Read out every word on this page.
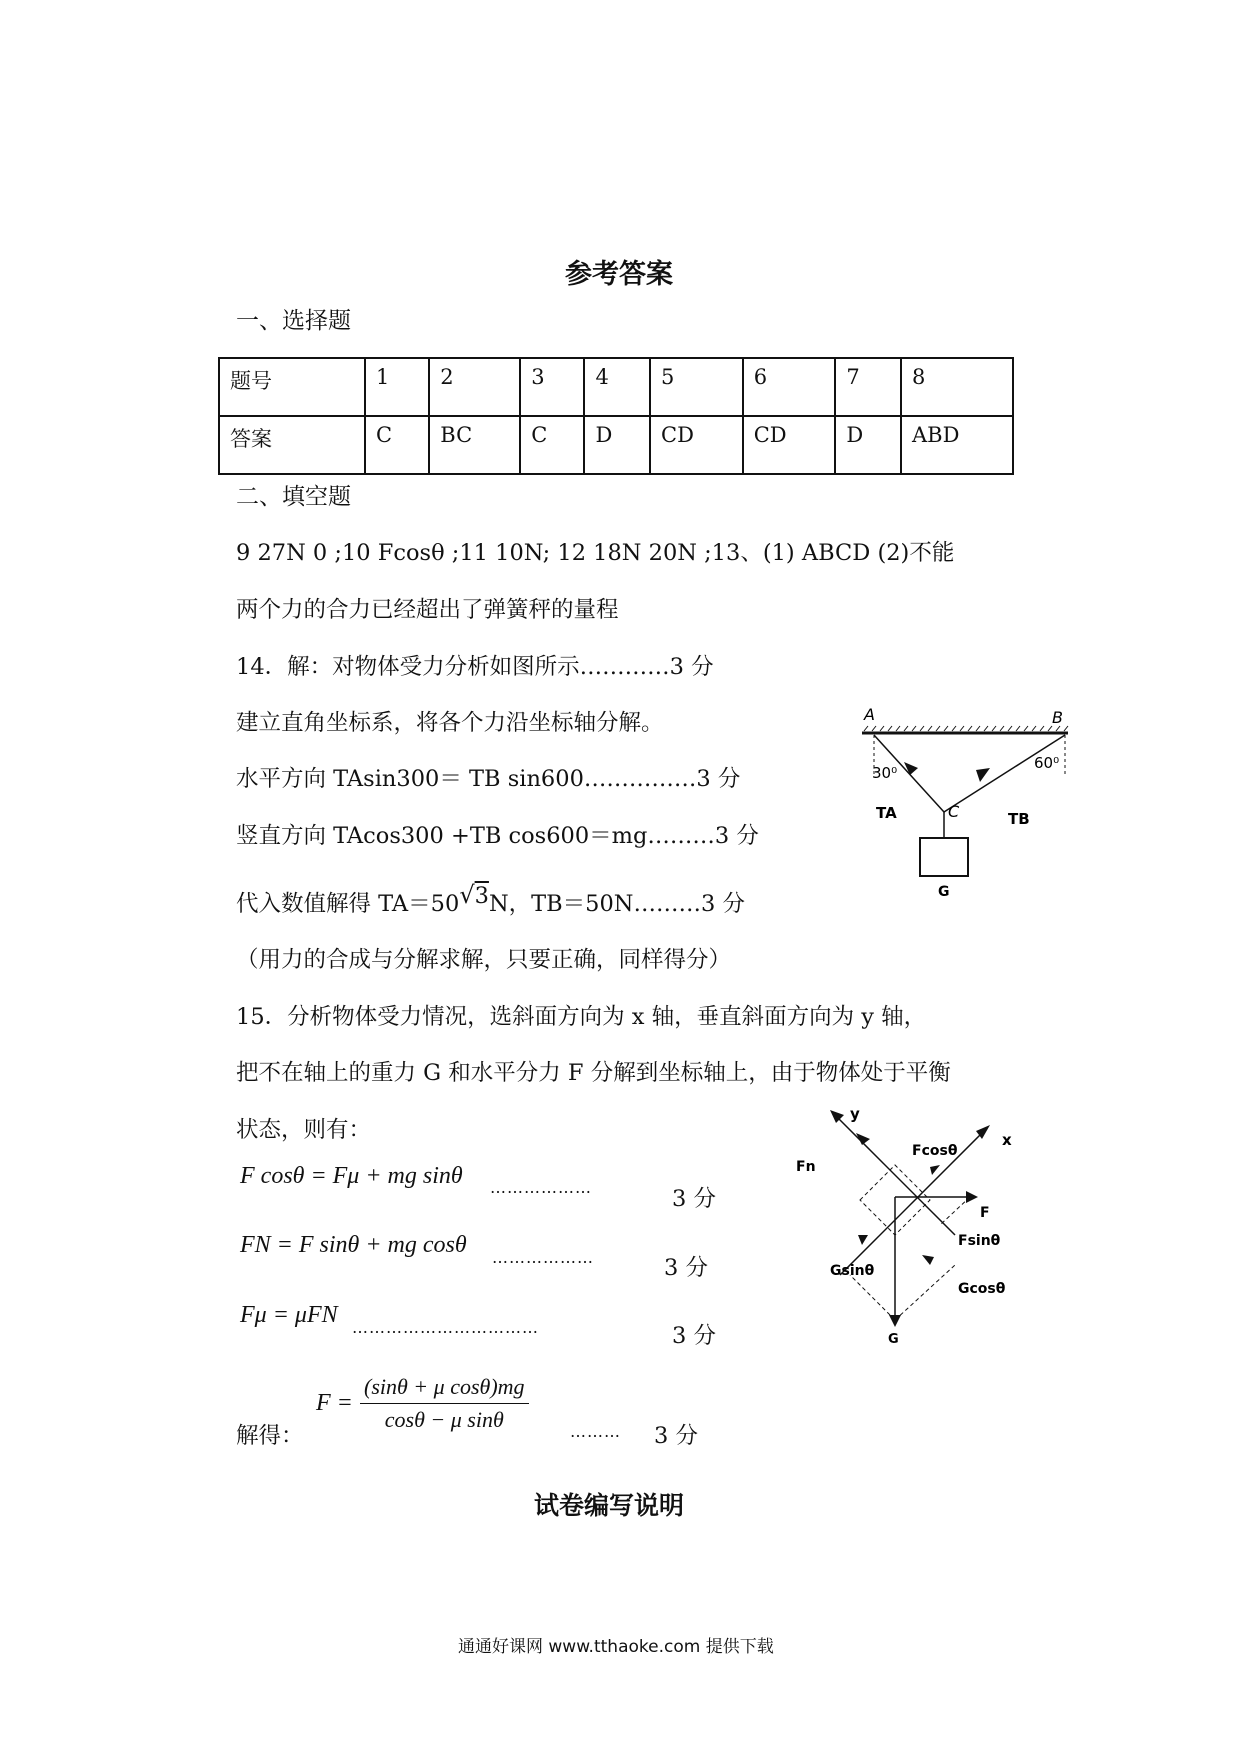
参考答案
一、选择题
题号	1	2	3	4	5	6	7	8
答案	C	BC	C	D	CD	CD	D	ABD
二、填空题
9 27N 0 ;10 Fcosθ ;11 10N; 12 18N 20N ;13、(1) ABCD (2)不能
两个力的合力已经超出了弹簧秤的量程
14．解：对物体受力分析如图所示…………3 分
建立直角坐标系，将各个力沿坐标轴分解。
水平方向 TAsin300＝ TB sin600……………3 分
竖直方向 TAcos300 +TB cos600＝mg………3 分
代入数值解得 TA＝50√3N，TB＝50N………3 分
（用力的合成与分解求解，只要正确，同样得分）
A	B
C
30⁰
60⁰
TA	TB
G
15．分析物体受力情况，选斜面方向为 x 轴，垂直斜面方向为 y 轴，
把不在轴上的重力 G 和水平分力 F 分解到坐标轴上，由于物体处于平衡
状态，则有：
F cosθ = Fμ + mg sinθ ………………	3 分
FN = F sinθ + mg cosθ ………………	3 分
Fμ = μFN ……………………………	3 分
解得：
$F = \frac{\text{(sinθ + μ cosθ)mg}}{\text{cosθ − μ sinθ}}$	……… 3 分
y
x
Fn
Fcosθ
F
Fsinθ
Gsinθ
Gcosθ
G
试卷编写说明
通通好课网 www.tthaoke.com 提供下载
